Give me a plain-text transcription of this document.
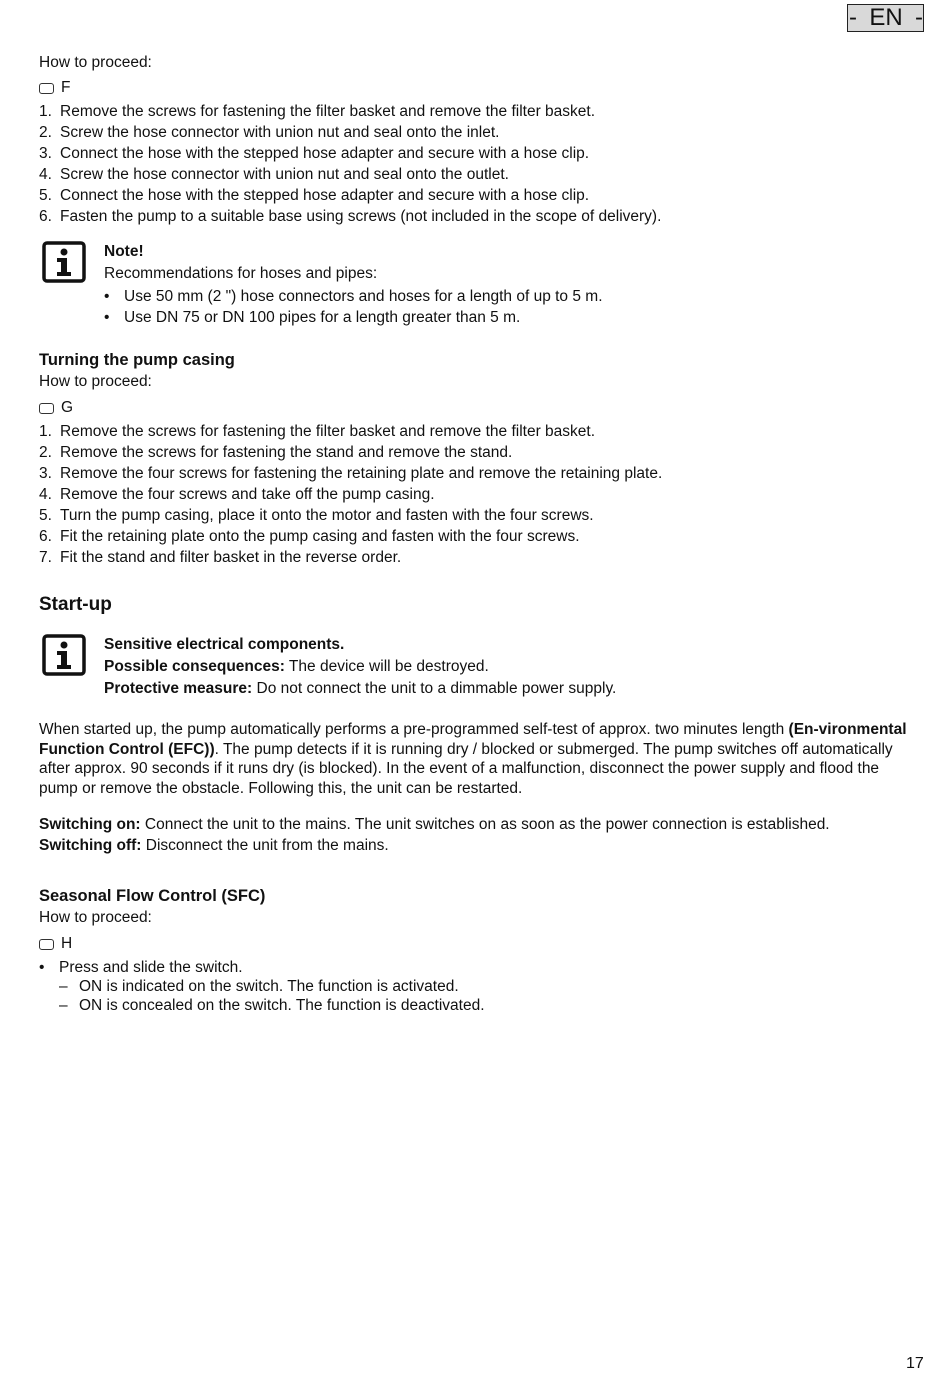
- EN -
How to proceed:
F
1. Remove the screws for fastening the filter basket and remove the filter basket.
2. Screw the hose connector with union nut and seal onto the inlet.
3. Connect the hose with the stepped hose adapter and secure with a hose clip.
4. Screw the hose connector with union nut and seal onto the outlet.
5. Connect the hose with the stepped hose adapter and secure with a hose clip.
6. Fasten the pump to a suitable base using screws (not included in the scope of delivery).
Note!
Recommendations for hoses and pipes:
• Use 50 mm (2 ") hose connectors and hoses for a length of up to 5 m.
• Use DN 75 or DN 100 pipes for a length greater than 5 m.
Turning the pump casing
How to proceed:
G
1. Remove the screws for fastening the filter basket and remove the filter basket.
2. Remove the screws for fastening the stand and remove the stand.
3. Remove the four screws for fastening the retaining plate and remove the retaining plate.
4. Remove the four screws and take off the pump casing.
5. Turn the pump casing, place it onto the motor and fasten with the four screws.
6. Fit the retaining plate onto the pump casing and fasten with the four screws.
7. Fit the stand and filter basket in the reverse order.
Start-up
Sensitive electrical components.
Possible consequences: The device will be destroyed.
Protective measure: Do not connect the unit to a dimmable power supply.
When started up, the pump automatically performs a pre-programmed self-test of approx. two minutes length (En-vironmental Function Control (EFC)). The pump detects if it is running dry / blocked or submerged. The pump switches off automatically after approx. 90 seconds if it runs dry (is blocked). In the event of a malfunction, disconnect the power supply and flood the pump or remove the obstacle. Following this, the unit can be restarted.
Switching on: Connect the unit to the mains. The unit switches on as soon as the power connection is established.
Switching off: Disconnect the unit from the mains.
Seasonal Flow Control (SFC)
How to proceed:
H
• Press and slide the switch.
– ON is indicated on the switch. The function is activated.
– ON is concealed on the switch. The function is deactivated.
17
